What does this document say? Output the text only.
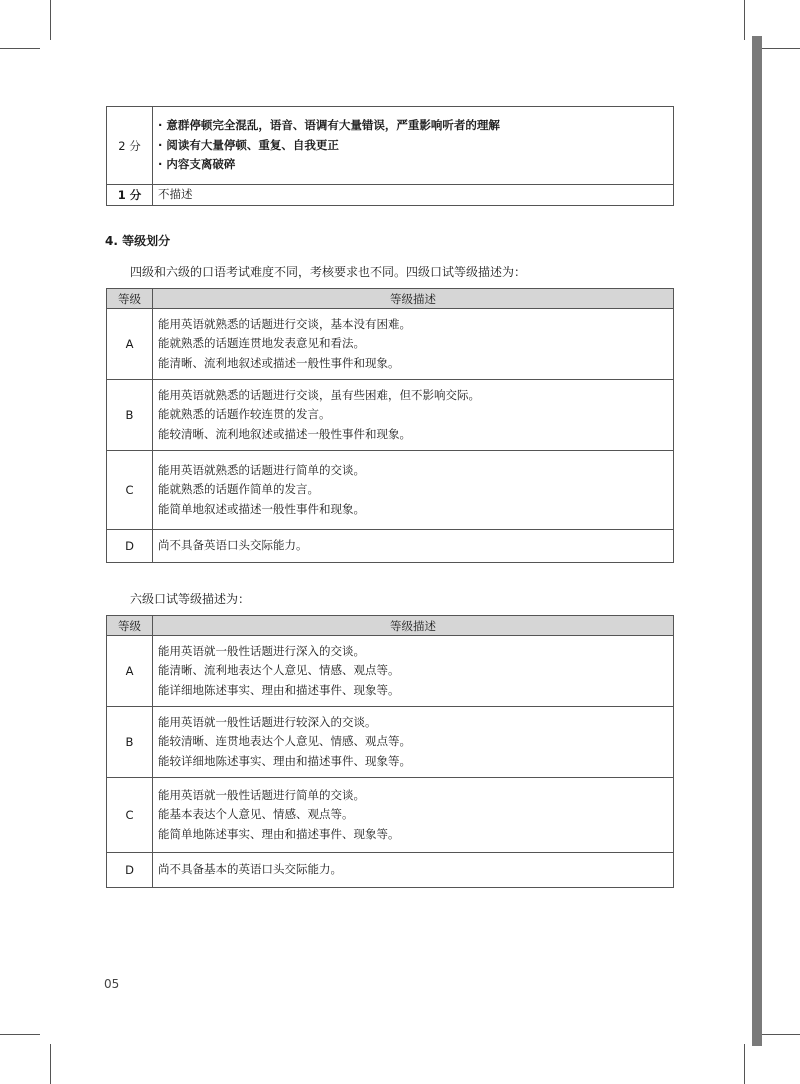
2 分	· 意群停顿完全混乱，语音、语调有大量错误，严重影响听者的理解
· 阅读有大量停顿、重复、自我更正
· 内容支离破碎

1 分	不描述
4. 等级划分
四级和六级的口语考试难度不同，考核要求也不同。四级口试等级描述为：
等级	等级描述
A	能用英语就熟悉的话题进行交谈，基本没有困难。
能就熟悉的话题连贯地发表意见和看法。
能清晰、流利地叙述或描述一般性事件和现象。

B	能用英语就熟悉的话题进行交谈，虽有些困难，但不影响交际。
能就熟悉的话题作较连贯的发言。
能较清晰、流利地叙述或描述一般性事件和现象。

C	能用英语就熟悉的话题进行简单的交谈。
能就熟悉的话题作简单的发言。
能简单地叙述或描述一般性事件和现象。

D	尚不具备英语口头交际能力。
六级口试等级描述为：
等级	等级描述
A	能用英语就一般性话题进行深入的交谈。
能清晰、流利地表达个人意见、情感、观点等。
能详细地陈述事实、理由和描述事件、现象等。

B	能用英语就一般性话题进行较深入的交谈。
能较清晰、连贯地表达个人意见、情感、观点等。
能较详细地陈述事实、理由和描述事件、现象等。

C	能用英语就一般性话题进行简单的交谈。
能基本表达个人意见、情感、观点等。
能简单地陈述事实、理由和描述事件、现象等。

D	尚不具备基本的英语口头交际能力。
05
